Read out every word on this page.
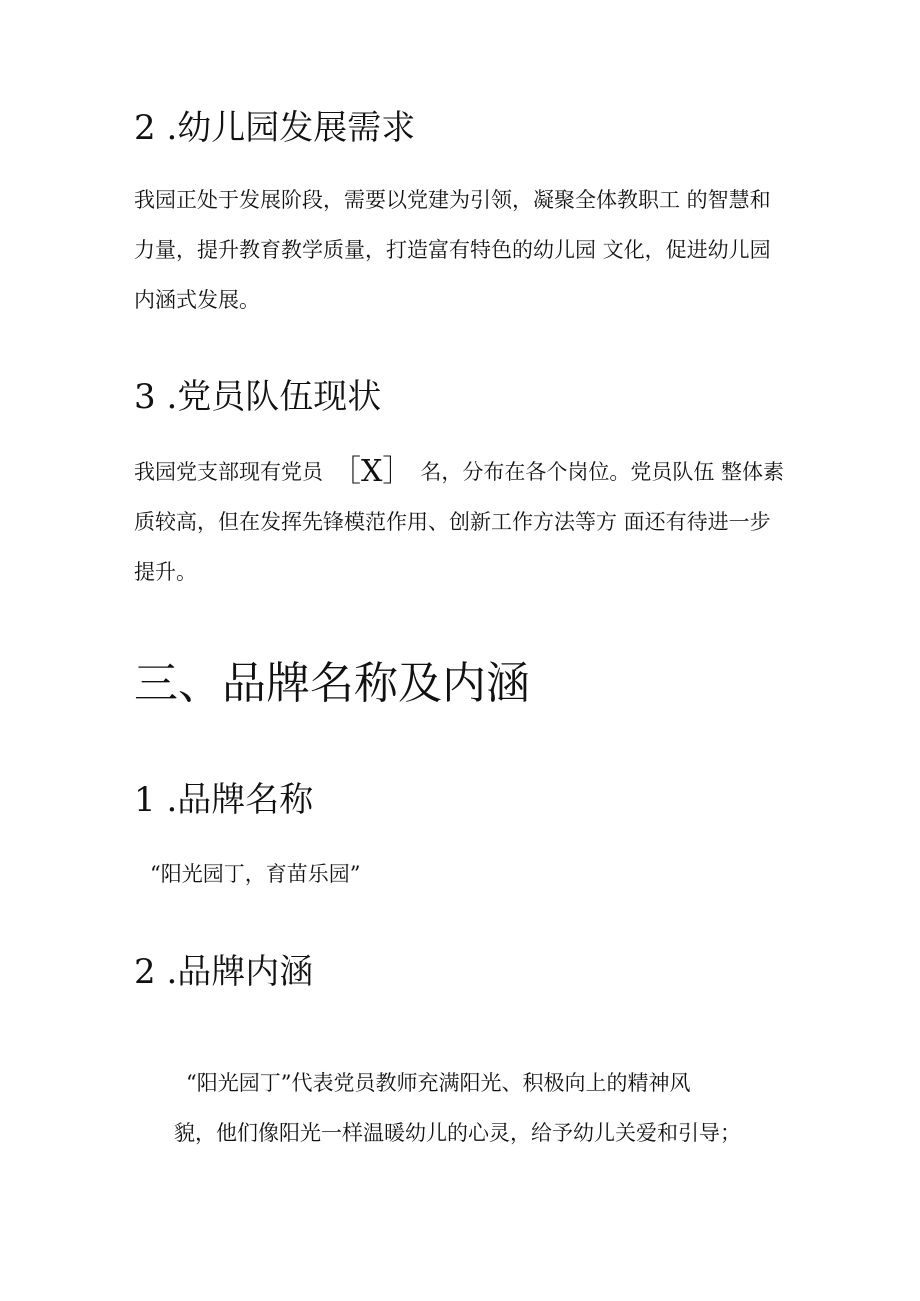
2 .幼儿园发展需求
我园正处于发展阶段，需要以党建为引领，凝聚全体教职工 的智慧和
力量，提升教育教学质量，打造富有特色的幼儿园 文化，促进幼儿园
内涵式发展。
3 .党员队伍现状
我园党支部现有党员 ［X］ 名，分布在各个岗位。党员队伍 整体素
质较高，但在发挥先锋模范作用、创新工作方法等方 面还有待进一步
提升。
三、品牌名称及内涵
1 .品牌名称
“阳光园丁，育苗乐园”
2 .品牌内涵
“阳光园丁”代表党员教师充满阳光、积极向上的精神风
貌，他们像阳光一样温暖幼儿的心灵，给予幼儿关爱和引导；
